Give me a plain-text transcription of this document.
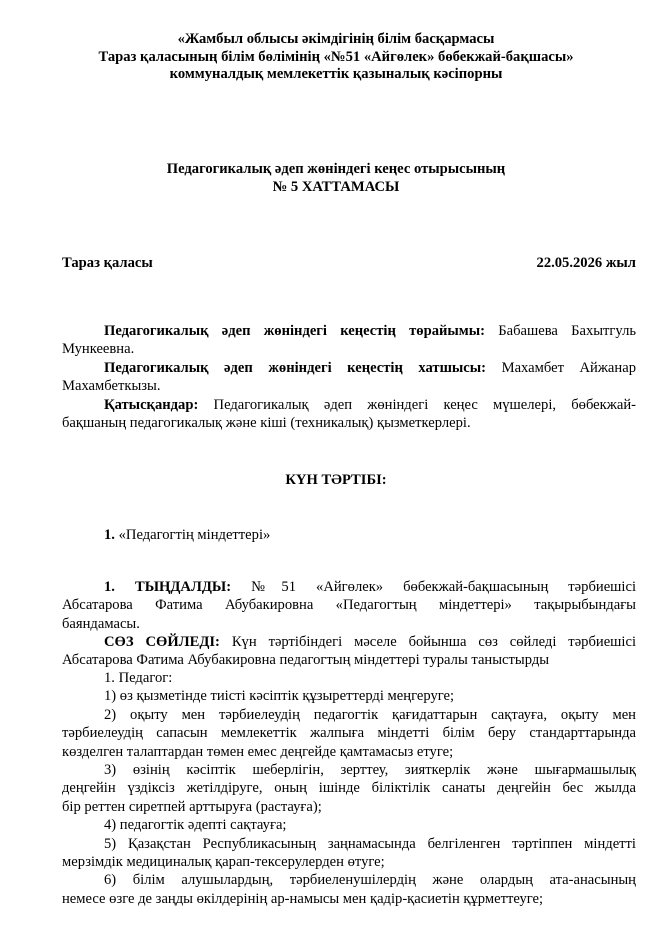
«Жамбыл облысы әкімдігінің білім басқармасы
Тараз қаласының білім бөлімінің «№51 «Айгөлек» бөбекжай-бақшасы»
коммуналдық мемлекеттік қазыналық кәсіпорны
Педагогикалық әдеп жөніндегі кеңес отырысының
№ 5 ХАТТАМАСЫ
Тараз қаласы	22.05.2026 жыл
Педагогикалық әдеп жөніндегі кеңестің төрайымы: Бабашева Бахытгуль
Мункеевна.
Педагогикалық әдеп жөніндегі кеңестің хатшысы: Махамбет Айжанар
Махамбеткызы.
Қатысқандар: Педагогикалық әдеп жөніндегі кеңес мүшелері, бөбекжай-
бақшаның педагогикалық және кіші (техникалық) қызметкерлері.
КҮН ТӘРТІБІ:
1. «Педагогтің міндеттері»
1. ТЫҢДАЛДЫ: №51 «Айгөлек» бөбекжай-бақшасының тәрбиешісі
Абсатарова Фатима Абубакировна «Педагогтың міндеттері» тақырыбындағы
баяндамасы.
СӨЗ СӨЙЛЕДІ: Күн тәртібіндегі мәселе бойынша сөз сөйледі тәрбиешісі
Абсатарова Фатима Абубакировна педагогтың міндеттері туралы таныстырды
1. Педагог:
1) өз қызметінде тиісті кәсіптік құзыреттерді меңгеруге;
2) оқыту мен тәрбиелеудің педагогтік қағидаттарын сақтауға, оқыту мен
тәрбиелеудің сапасын мемлекеттік жалпыға міндетті білім беру стандарттарында
көзделген талаптардан төмен емес деңгейде қамтамасыз етуге;
3) өзінің кәсіптік шеберлігін, зерттеу, зияткерлік және шығармашылық
деңгейін үздіксіз жетілдіруге, оның ішінде біліктілік санаты деңгейін бес жылда
бір реттен сиретпей арттыруға (растауға);
4) педагогтік әдепті сақтауға;
5) Қазақстан Республикасының заңнамасында белгіленген тәртіппен міндетті
мерзімдік медициналық қарап-тексерулерден өтуге;
6) білім алушылардың, тәрбиеленушілердің және олардың ата-анасының
немесе өзге де заңды өкілдерінің ар-намысы мен қадір-қасиетін құрметтеуге;
